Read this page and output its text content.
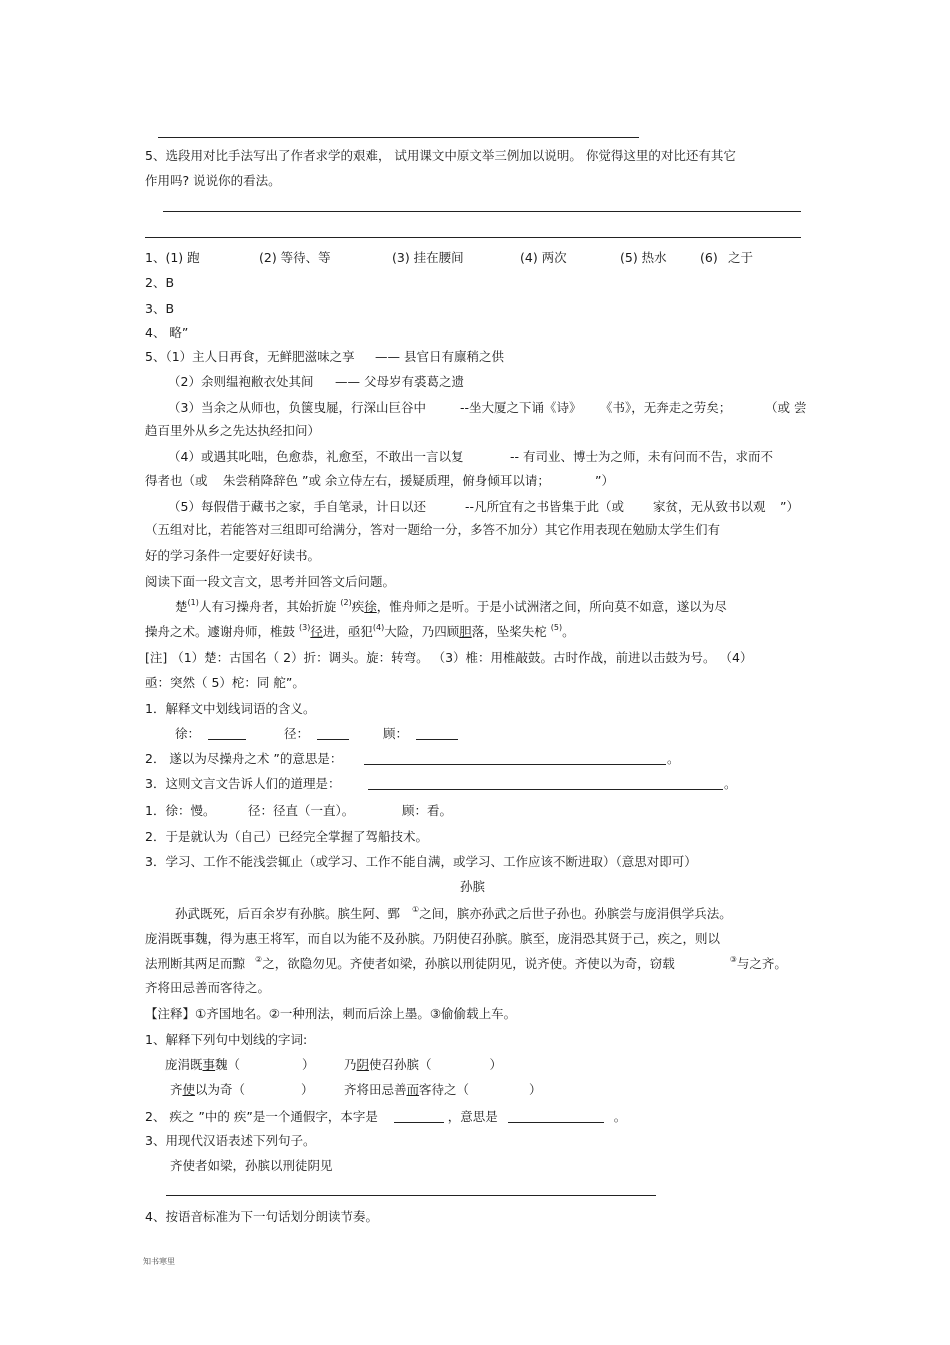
5、选段用对比手法写出了作者求学的艰难， 试用课文中原文举三例加以说明。 你觉得这里的对比还有其它
作用吗? 说说你的看法。
1、(1) 跑	(2) 等待、等	(3) 挂在腰间	(4) 两次	(5) 热水	(6) 之于
2、B
3、B
4、 略”
5、（1）主人日再食，无鲜肥滋味之享 —— 县官日有廪稍之供
（2）余则缊袍敝衣处其间 —— 父母岁有裘葛之遗
（3）当余之从师也，负箧曳屣，行深山巨谷中	--坐大厦之下诵《诗》 《书》，无奔走之劳矣；	（或 尝
趋百里外从乡之先达执经扣问）
（4）或遇其叱咄，色愈恭，礼愈至，不敢出一言以复	-- 有司业、博士为之师，未有问而不告，求而不
得者也（或 朱尝稍降辞色 ”或 余立侍左右，援疑质理，俯身倾耳以请；	”）
（5）每假借于藏书之家，手自笔录，计日以还	--凡所宜有之书皆集于此（或 家贫，无从致书以观 ”）
（五组对比，若能答对三组即可给满分，答对一题给一分，多答不加分）其它作用表现在勉励太学生们有
好的学习条件一定要好好读书。
阅读下面一段文言文，思考并回答文后问题。
楚$^{(1)}$人有习操舟者，其始折旋 $^{(2)}$疾徐，惟舟师之是听。于是小试洲渚之间，所向莫不如意，遂以为尽
操舟之术。遽谢舟师，椎鼓 $^{(3)}$径进，亟犯$^{(4)}$大险，乃四顾胆落，坠桨失柁 $^{(5)}$。
[注] （1）楚：古国名（ 2）折：调头。旋：转弯。 （3）椎：用椎敲鼓。古时作战，前进以击鼓为号。 （4）
亟：突然（ 5）柁：同 舵”。
1．解释文中划线词语的含义。
徐：	径：	顾：
2． 遂以为尽操舟之术 ”的意思是：	。
3．这则文言文告诉人们的道理是：	。
1．徐：慢。	径：径直（一直）。	顾：看。
2．于是就认为（自己）已经完全掌握了驾船技术。
3．学习、工作不能浅尝辄止（或学习、工作不能自满，或学习、工作应该不断进取）（意思对即可）
孙膑
孙武既死，后百余岁有孙膑。膑生阿、鄄 ①之间，膑亦孙武之后世子孙也。孙膑尝与庞涓俱学兵法。
庞涓既事魏，得为惠王将军，而自以为能不及孙膑。乃阴使召孙膑。膑至，庞涓恐其贤于己，疾之，则以
法刑断其两足而黥 ②之，欲隐勿见。齐使者如梁，孙膑以刑徒阴见，说齐使。齐使以为奇，窃载	③与之齐。
齐将田忌善而客待之。
【注释】①齐国地名。②一种刑法，刺而后涂上墨。③偷偷载上车。
1、解释下列句中划线的字词:
庞涓既事魏（	） 乃阴使召孙膑（	）
齐使以为奇（	） 齐将田忌善而客待之（	）
2、 疾之 ”中的 疾”是一个通假字，本字是	，意思是	。
3、用现代汉语表述下列句子。
齐使者如梁，孙膑以刑徒阴见
4、按语音标准为下一句话划分朗读节奏。
知书寒里
